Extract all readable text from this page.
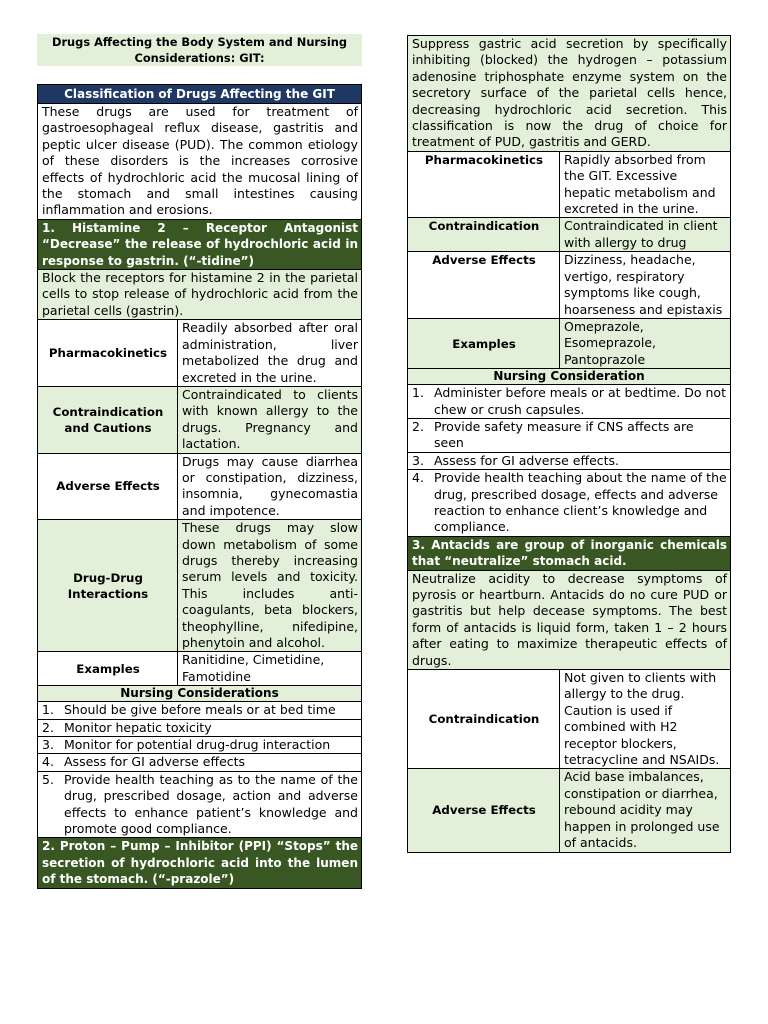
Drugs Affecting the Body System and Nursing Considerations: GIT:
Classification of Drugs Affecting the GIT	
These drugs are used for treatment of gastroesophageal reflux disease, gastritis and peptic ulcer disease (PUD). The common etiology of these disorders is the increases corrosive effects of hydrochloric acid the mucosal lining of the stomach and small intestines causing inflammation and erosions.	
1. Histamine 2 – Receptor Antagonist “Decrease” the release of hydrochloric acid in response to gastrin. (“-tidine”)	
Block the receptors for histamine 2 in the parietal cells to stop release of hydrochloric acid from the parietal cells (gastrin).	
Pharmacokinetics	Readily absorbed after oral administration, liver metabolized the drug and excreted in the urine.
Contraindication and Cautions	Contraindicated to clients with known allergy to the drugs. Pregnancy and lactation.
Adverse Effects	Drugs may cause diarrhea or constipation, dizziness, insomnia, gynecomastia and impotence.
Drug-Drug Interactions	These drugs may slow down metabolism of some drugs thereby increasing serum levels and toxicity. This includes anti-coagulants, beta blockers, theophylline, nifedipine, phenytoin and alcohol.
Examples	Ranitidine, Cimetidine, Famotidine
Nursing Considerations	

1. Should be give before meals or at bed time	

2. Monitor hepatic toxicity	

3. Monitor for potential drug-drug interaction	

4. Assess for GI adverse effects	

5. Provide health teaching as to the name of the drug, prescribed dosage, action and adverse effects to enhance patient’s knowledge and promote good compliance.	

2. Proton – Pump – Inhibitor (PPI) “Stops” the secretion of hydrochloric acid into the lumen of the stomach. (“-prazole”)	
Suppress gastric acid secretion by specifically inhibiting (blocked) the hydrogen – potassium adenosine triphosphate enzyme system on the secretory surface of the parietal cells hence, decreasing hydrochloric acid secretion. This classification is now the drug of choice for treatment of PUD, gastritis and GERD.	
Pharmacokinetics	Rapidly absorbed from the GIT. Excessive hepatic metabolism and excreted in the urine.
Contraindication	Contraindicated in client with allergy to drug
Adverse Effects	Dizziness, headache, vertigo, respiratory symptoms like cough, hoarseness and epistaxis
Examples	Omeprazole, Esomeprazole, Pantoprazole
Nursing Consideration	

1. Administer before meals or at bedtime. Do not chew or crush capsules.	

2. Provide safety measure if CNS affects are seen	

3. Assess for GI adverse effects.	

4. Provide health teaching about the name of the drug, prescribed dosage, effects and adverse reaction to enhance client’s knowledge and compliance.	

3. Antacids are group of inorganic chemicals that “neutralize” stomach acid.	
Neutralize acidity to decrease symptoms of pyrosis or heartburn. Antacids do no cure PUD or gastritis but help decease symptoms. The best form of antacids is liquid form, taken 1 – 2 hours after eating to maximize therapeutic effects of drugs.	
Contraindication	Not given to clients with allergy to the drug. Caution is used if combined with H2 receptor blockers, tetracycline and NSAIDs.
Adverse Effects	Acid base imbalances, constipation or diarrhea, rebound acidity may happen in prolonged use of antacids.
